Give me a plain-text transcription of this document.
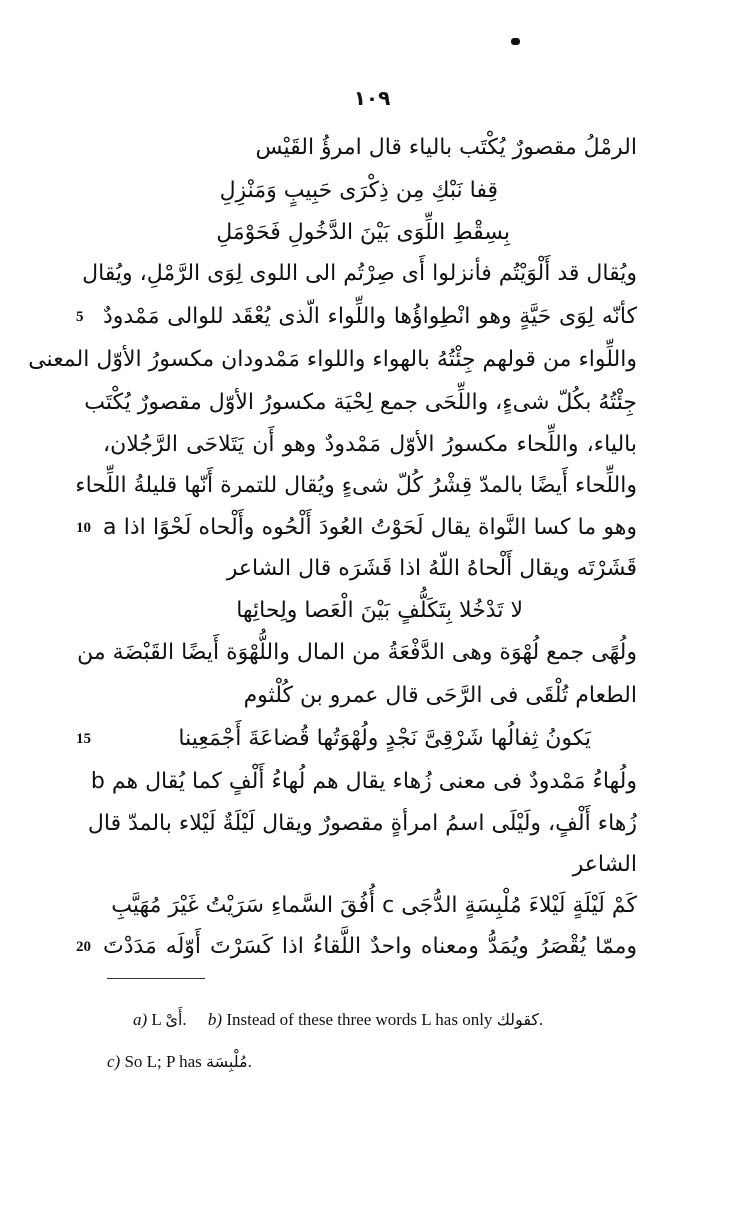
١٠٩
الرمْلُ مقصورٌ يُكْتَب بالياء قال امرؤُ القَيْس
قِفا نَبْكِ مِن ذِكْرَى حَبِيبٍ وَمَنْزِلِ
بِسِقْطِ اللِّوَى بَيْنَ الدَّخُولِ فَحَوْمَلِ
ويُقال قد أَلْوَيْتُم فأنزلوا أَى صِرْتُم الى اللوى لِوَى الرَّمْلِ، ويُقال
كأنّه لِوَى حَيَّةٍ وهو انْطِواؤُها واللِّواء الّذى يُعْقَد للوالى مَمْدودٌ
5
واللِّواء من قولهم جِئْتُهُ بالهواء واللواء مَمْدودان مكسورُ الأوّل المعنى
جِئْتُهُ بكُلّ شىءٍ، واللِّحَى جمع لِحْيَة مكسورُ الأوّل مقصورٌ يُكْتَب
بالياء، واللِّحاء مكسورُ الأوّل مَمْدودٌ وهو أَن يَتَلاحَى الرَّجُلان،
واللِّحاء أَيضًا بالمدّ قِشْرُ كُلّ شىءٍ ويُقال للتمرة أَنّها قليلةُ اللِّحاء
وهو ما كسا النَّواة يقال لَحَوْتُ العُودَ أَلْحُوه وأَلْحاه لَحْوًا اذا a
10
قَشَرْتَه ويقال أَلْحاهُ اللّهُ اذا قَشَرَه قال الشاعر
لا تَدْخُلا بِتَكَلُّفٍ بَيْنَ الْعَصا ولِحائِها
ولُهًى جمع لُهْوَة وهى الدَّفْعَةُ من المال واللُّهْوَة أَيضًا القَبْضَة من
الطعام تُلْقَى فى الرَّحَى قال عمرو بن كُلْثوم
يَكونُ ثِفالُها شَرْقِىَّ نَجْدٍ ولُهْوَتُها قُضاعَةَ أَجْمَعِينا
15
ولُهاءُ مَمْدودٌ فى معنى زُهاء يقال هم لُهاءُ أَلْفٍ كما يُقال هم b
زُهاء أَلْفٍ، ولَيْلَى اسمُ امرأةٍ مقصورٌ ويقال لَيْلَةٌ لَيْلاء بالمدّ قال
الشاعر
كَمْ لَيْلَةٍ لَيْلاءَ مُلْبِسَةٍ الدُّجَى c أُفُقَ السَّماءِ سَرَيْتُ غَيْرَ مُهَيَّبِ
وممّا يُقْصَرُ ويُمَدُّ ومعناه واحدٌ اللَّقاءُ اذا كَسَرْتَ أَوّلَه مَدَدْتَ
20
a) L أَىْ.     b) Instead of these three words L has only كقولك.
c) So L; P has مُلْبِسَة.
